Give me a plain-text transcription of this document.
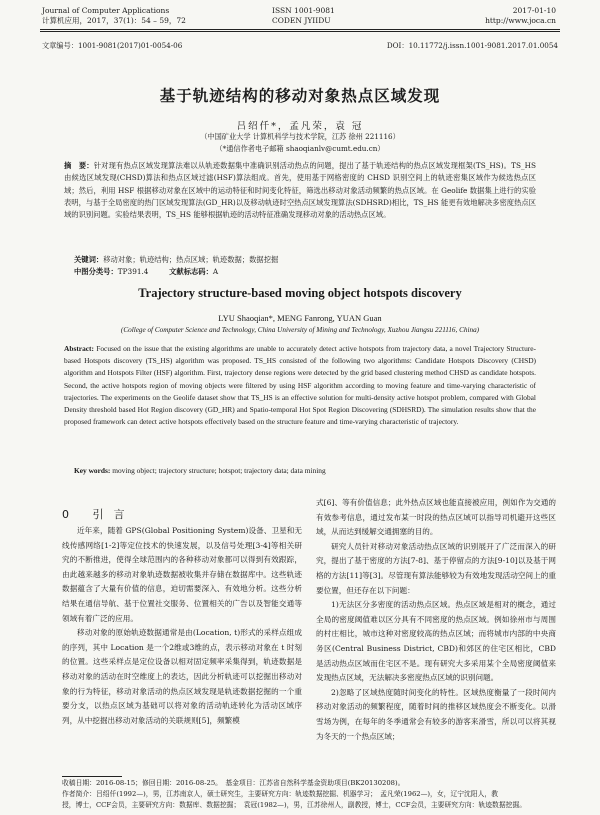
Journal of Computer Applications
计算机应用，2017，37(1)：54 – 59，72
ISSN 1001-9081
CODEN JYIIDU
2017-01-10
http://www.joca.cn
文章编号：1001-9081(2017)01-0054-06	DOI：10.11772/j.issn.1001-9081.2017.01.0054
基于轨迹结构的移动对象热点区域发现
吕绍仟*，孟凡荣，袁 冠
（中国矿业大学 计算机科学与技术学院，江苏 徐州 221116）
（*通信作者电子邮箱 shaoqianlv@cumt.edu.cn）
摘　要：针对现有热点区域发现算法难以从轨迹数据集中准确识别活动热点的问题，提出了基于轨迹结构的热点区域发现框架(TS_HS)。TS_HS 由候选区域发现(CHSD)算法和热点区域过滤(HSF)算法组成。首先，使用基于网格密度的 CHSD 识别空间上的轨迹密集区域作为候选热点区域；然后，利用 HSF 根据移动对象在区域中的运动特征和时间变化特征，筛选出移动对象活动频繁的热点区域。在 Geolife 数据集上进行的实验表明，与基于全局密度的热门区域发现算法(GD_HR)以及移动轨迹时空热点区域发现算法(SDHSRD)相比，TS_HS 能更有效地解决多密度热点区域的识别问题。实验结果表明，TS_HS 能够根据轨迹的活动特征准确发现移动对象的活动热点区域。
关键词：移动对象；轨迹结构；热点区域；轨迹数据；数据挖掘
中图分类号：TP391.4	文献标志码：A
Trajectory structure-based moving object hotspots discovery
LYU Shaoqian*, MENG Fanrong, YUAN Guan
(College of Computer Science and Technology, China University of Mining and Technology, Xuzhou Jiangsu 221116, China)
Abstract: Focused on the issue that the existing algorithms are unable to accurately detect active hotspots from trajectory data, a novel Trajectory Structure-based Hotspots discovery (TS_HS) algorithm was proposed. TS_HS consisted of the following two algorithms: Candidate Hotspots Discovery (CHSD) algorithm and Hotspots Filter (HSF) algorithm. First, trajectory dense regions were detected by the grid based clustering method CHSD as candidate hotspots. Second, the active hotspots region of moving objects were filtered by using HSF algorithm according to moving feature and time-varying characteristic of trajectories. The experiments on the Geolife dataset show that TS_HS is an effective solution for multi-density active hotspot problem, compared with Global Density threshold based Hot Region discovery (GD_HR) and Spatio-temporal Hot Spot Region Discovering (SDHSRD). The simulation results show that the proposed framework can detect active hotspots effectively based on the structure feature and time-varying characteristic of trajectory.
Key words: moving object; trajectory structure; hotspot; trajectory data; data mining
0 引言

近年来，随着 GPS(Global Positioning System)设备、卫星和无线传感网络[1-2]等定位技术的快速发展，以及信号处理[3-4]等相关研究的不断推进，使得全球范围内的各种移动对象都可以得到有效跟踪，由此越来越多的移动对象轨迹数据被收集并存储在数据库中。这些轨迹数据蕴含了大量有价值的信息，迫切需要深入、有效地分析。这些分析结果在通信导航、基于位置社交服务、位置相关的广告以及智能交通等领域有着广泛的应用。

移动对象的原始轨迹数据通常是由(Location, t)形式的采样点组成的序列，其中 Location 是一个2维或3维的点，表示移动对象在 t 时刻的位置。这些采样点是定位设备以相对固定频率采集得到，轨迹数据是移动对象的活动在时空维度上的表达，因此分析轨迹可以挖掘出移动对象的行为特征，移动对象活动的热点区域发现是轨迹数据挖掘的一个重要分支，以热点区域为基础可以将对象的活动轨迹转化为活动区域序列，从中挖掘出移动对象活动的关联规则[5]，频繁模

式[6]、等有价值信息；此外热点区域也能直接被应用，例如作为交通的有效参考信息，通过发布某一时段的热点区域可以指导司机避开这些区域，从而达到缓解交通拥塞的目的。

研究人员针对移动对象活动热点区域的识别展开了广泛而深入的研究，提出了基于密度的方法[7-8]、基于停留点的方法[9-10]以及基于网格的方法[11]等[3]。尽管现有算法能够较为有效地发现活动空间上的重要位置，但还存在以下问题：

1)无法区分多密度的活动热点区域。热点区域是相对的概念，通过全局的密度阈值难以区分具有不同密度的热点区域。例如徐州市与周围的村庄相比，城市这种对密度较高的热点区域；而将城市内部的中央商务区(Central Business District, CBD)和郊区的住宅区相比，CBD 是活动热点区域而住宅区不是。现有研究大多采用某个全局密度阈值来发现热点区域，无法解决多密度热点区域的识别问题。

2)忽略了区域热度随时间变化的特性。区域热度衡量了一段时间内移动对象活动的频繁程度，随着时间的推移区域热度会不断变化。以滑雪场为例，在每年的冬季通常会有较多的游客来滑雪，所以可以将其视为冬天的一个热点区域；

收稿日期：2016-08-15；修回日期：2016-08-25。　基金项目：江苏省自然科学基金资助项目(BK20130208)。
作者简介：吕绍仟(1992—)，男，江苏南京人，硕士研究生，主要研究方向：轨迹数据挖掘、机器学习；　孟凡荣(1962—)，女，辽宁沈阳人，教
授，博士，CCF会员，主要研究方向：数据库、数据挖掘；　袁冠(1982—)，男，江苏徐州人，副教授，博士，CCF会员，主要研究方向：轨迹数据挖掘。
